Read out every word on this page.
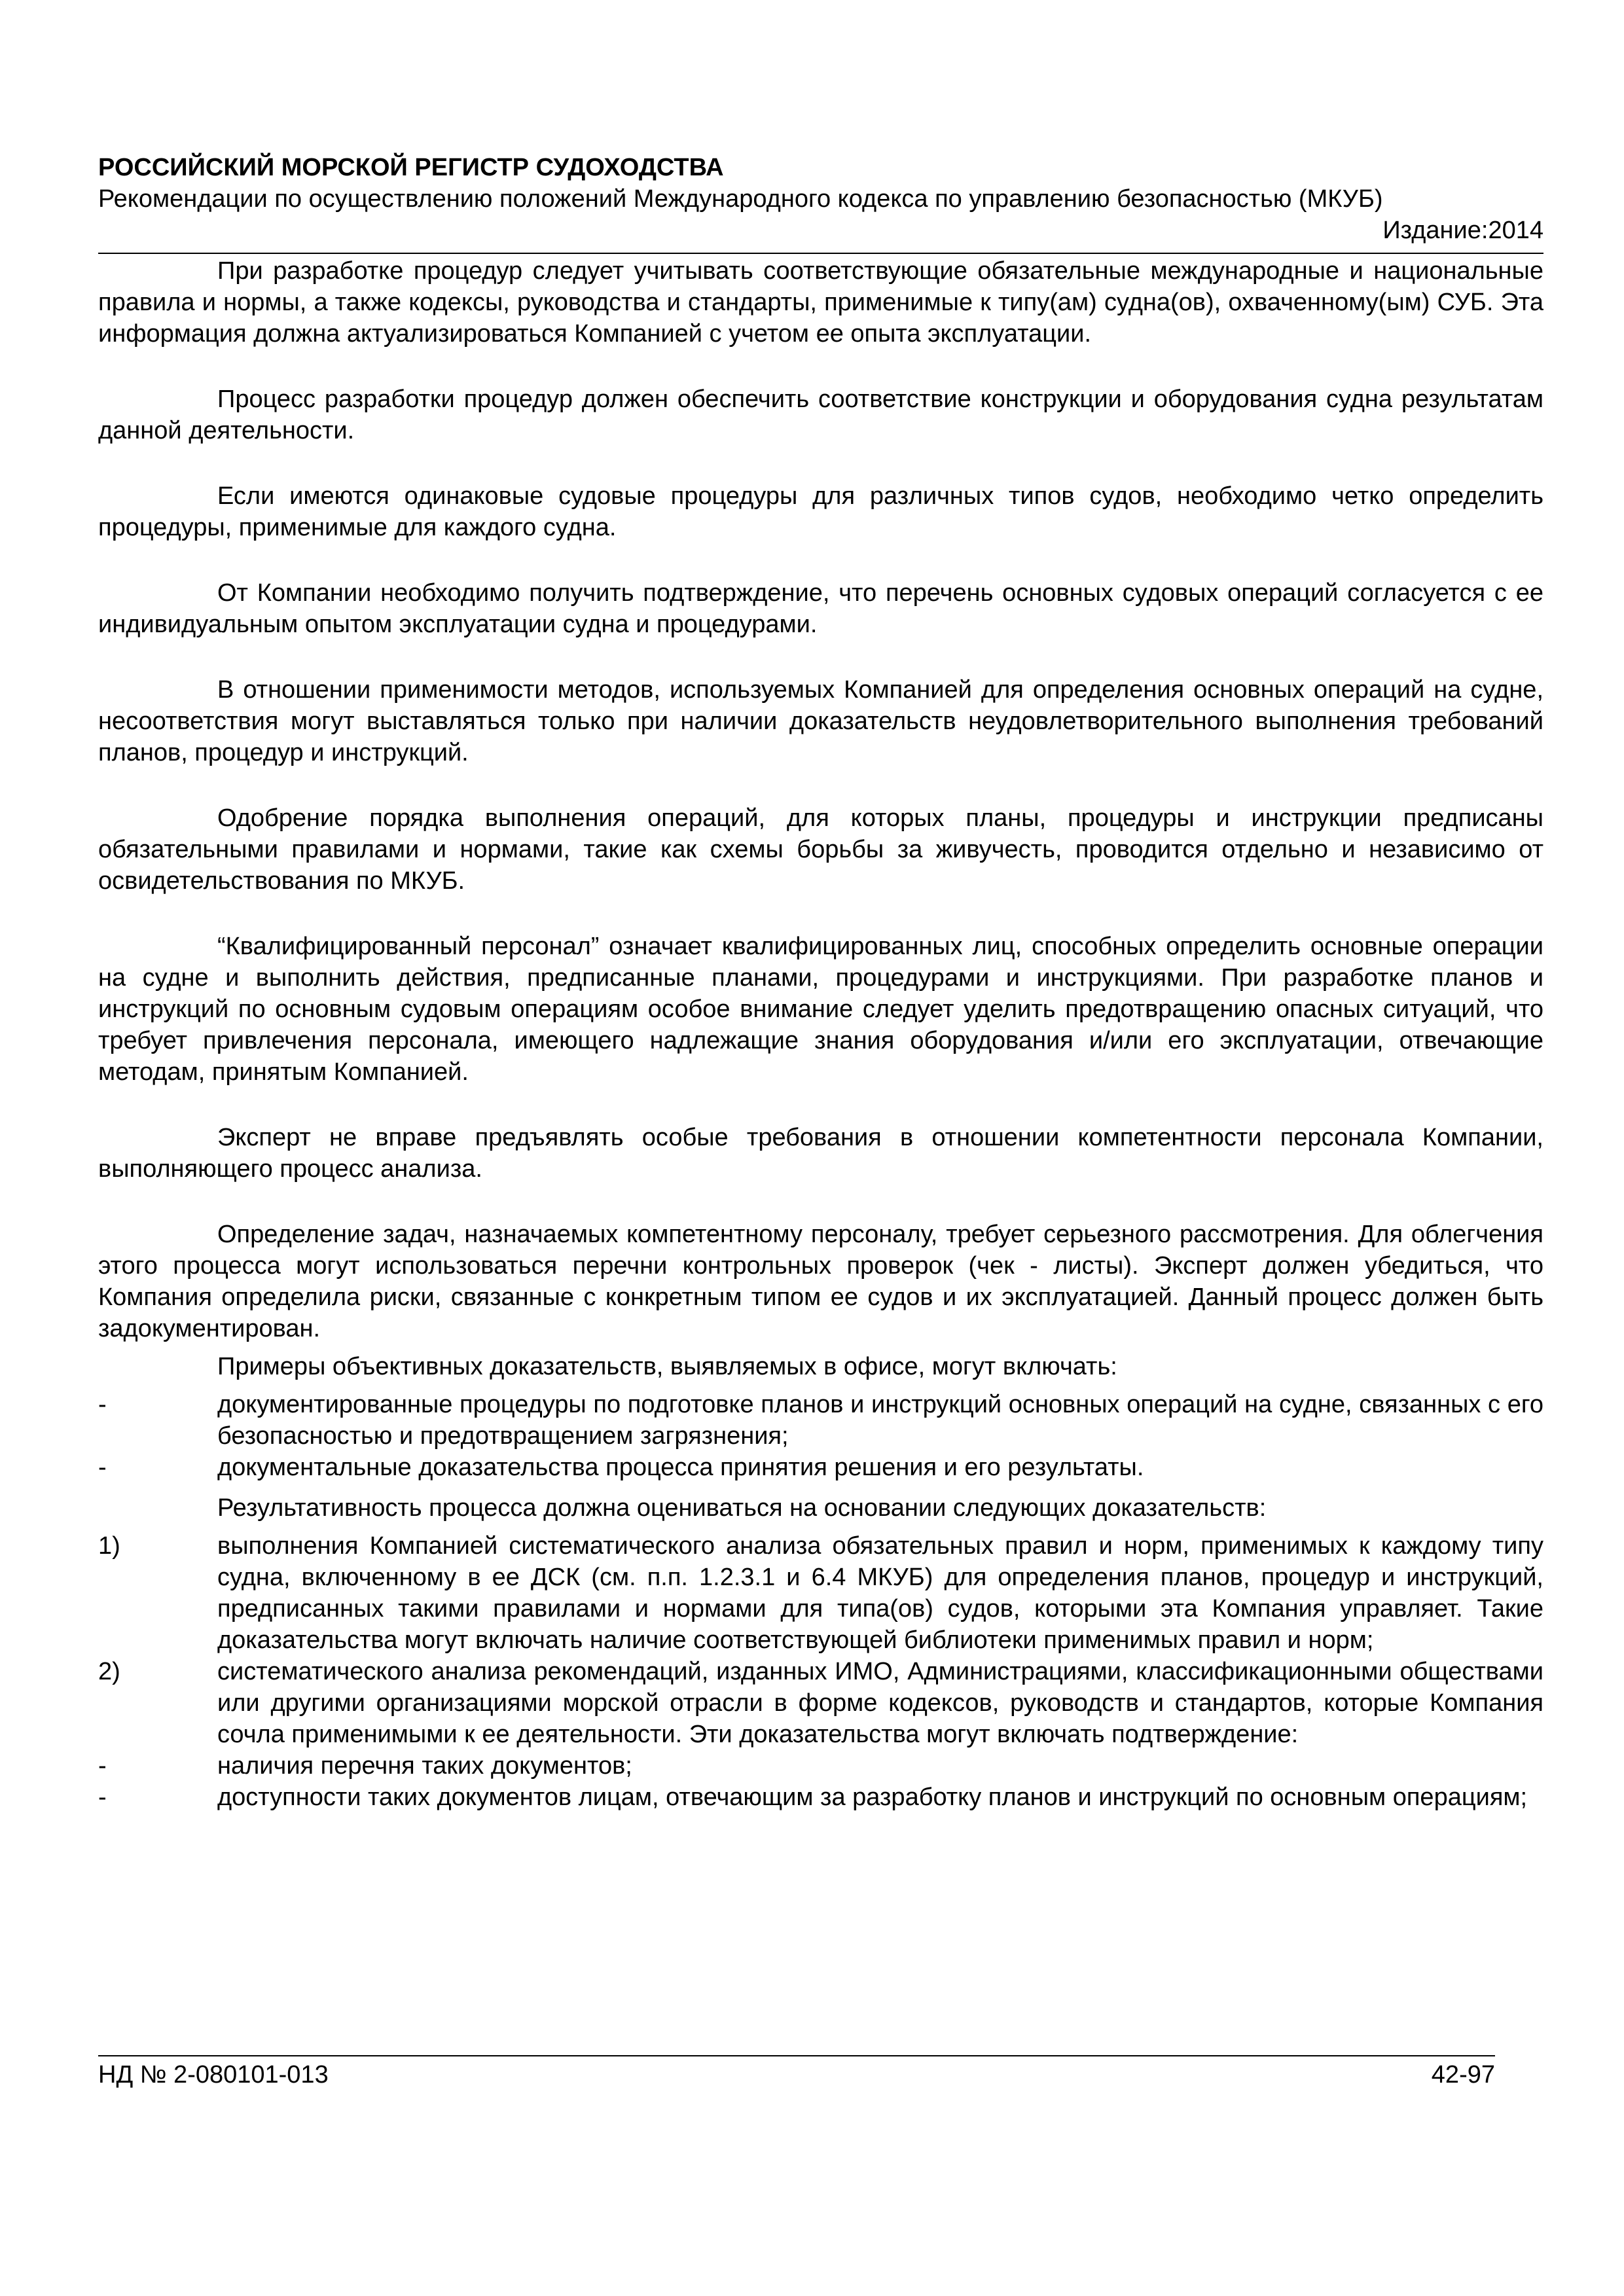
РОССИЙСКИЙ МОРСКОЙ РЕГИСТР СУДОХОДСТВА
Рекомендации по осуществлению положений Международного кодекса по управлению безопасностью (МКУБ)
Издание:2014

При разработке процедур следует учитывать соответствующие обязательные международные и национальные правила и нормы, а также кодексы, руководства и стандарты, применимые к типу(ам) судна(ов), охваченному(ым) СУБ. Эта информация должна актуализироваться Компанией с учетом ее опыта эксплуатации.

Процесс разработки процедур должен обеспечить соответствие конструкции и оборудования судна результатам данной деятельности.

Если имеются одинаковые судовые процедуры для различных типов судов, необходимо четко определить процедуры, применимые для каждого судна.

От Компании необходимо получить подтверждение, что перечень основных судовых операций согласуется с ее индивидуальным опытом эксплуатации судна и процедурами.

В отношении применимости методов, используемых Компанией для определения основных операций на судне, несоответствия могут выставляться только при наличии доказательств неудовлетворительного выполнения требований планов, процедур и инструкций.

Одобрение порядка выполнения операций, для которых планы, процедуры и инструкции предписаны обязательными правилами и нормами, такие как схемы борьбы за живучесть, проводится отдельно и независимо от освидетельствования по МКУБ.

“Квалифицированный персонал” означает квалифицированных лиц, способных определить основные операции на судне и выполнить действия, предписанные планами, процедурами и инструкциями. При разработке планов и инструкций по основным судовым операциям особое внимание следует уделить предотвращению опасных ситуаций, что требует привлечения персонала, имеющего надлежащие знания оборудования и/или его эксплуатации, отвечающие методам, принятым Компанией.

Эксперт не вправе предъявлять особые требования в отношении компетентности персонала Компании, выполняющего процесс анализа.

Определение задач, назначаемых компетентному персоналу, требует серьезного рассмотрения. Для облегчения этого процесса могут использоваться перечни контрольных проверок (чек - листы). Эксперт должен убедиться, что Компания определила риски, связанные с конкретным типом ее судов и их эксплуатацией. Данный процесс должен быть задокументирован.

Примеры объективных доказательств, выявляемых в офисе, могут включать:

-	документированные процедуры по подготовке планов и инструкций основных операций на судне, связанных с его безопасностью и предотвращением загрязнения;
-	документальные доказательства процесса принятия решения и его результаты.

Результативность процесса должна оцениваться на основании следующих доказательств:

1)	выполнения Компанией систематического анализа обязательных правил и норм, применимых к каждому типу судна, включенному в ее ДСК (см. п.п. 1.2.3.1 и 6.4 МКУБ) для определения планов, процедур и инструкций, предписанных такими правилами и нормами для типа(ов) судов, которыми эта Компания управляет. Такие доказательства могут включать наличие соответствующей библиотеки применимых правил и норм;
2)	систематического анализа рекомендаций, изданных ИМО, Администрациями, классификационными обществами или другими организациями морской отрасли в форме кодексов, руководств и стандартов, которые Компания сочла применимыми к ее деятельности. Эти доказательства могут включать подтверждение:
-	наличия перечня таких документов;
-	доступности таких документов лицам, отвечающим за разработку планов и инструкций по основным операциям;
НД № 2-080101-013	42-97
